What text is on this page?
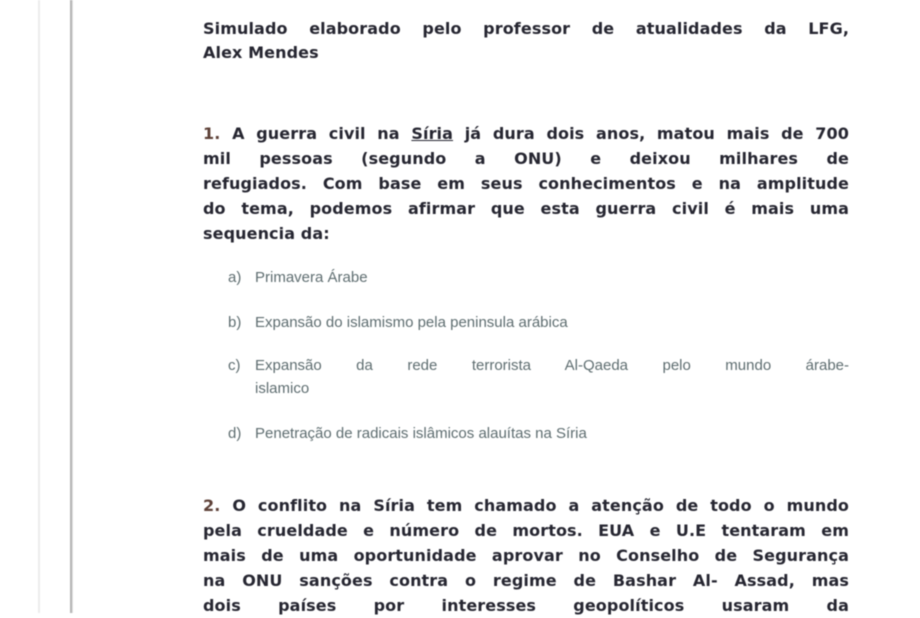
Simulado elaborado pelo professor de atualidades da LFG,
Alex Mendes
1. A guerra civil na Síria já dura dois anos, matou mais de 700
mil pessoas (segundo a ONU) e deixou milhares de
refugiados. Com base em seus conhecimentos e na amplitude
do tema, podemos afirmar que esta guerra civil é mais uma
sequencia da:
a) Primavera Árabe
b) Expansão do islamismo pela peninsula arábica
c) Expansão da rede terrorista Al-Qaeda pelo mundo árabe-
islamico
d) Penetração de radicais islâmicos alauítas na Síria
2. O conflito na Síria tem chamado a atenção de todo o mundo
pela crueldade e número de mortos. EUA e U.E tentaram em
mais de uma oportunidade aprovar no Conselho de Segurança
na ONU sanções contra o regime de Bashar Al- Assad, mas
dois países por interesses geopolíticos usaram da
